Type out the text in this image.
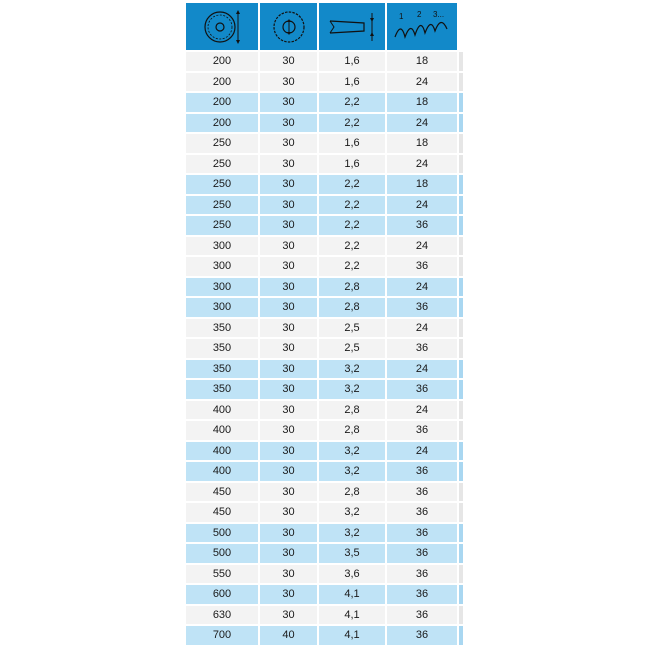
1 2 3...
200	30	1,6	18
200	30	1,6	24
200	30	2,2	18
200	30	2,2	24
250	30	1,6	18
250	30	1,6	24
250	30	2,2	18
250	30	2,2	24
250	30	2,2	36
300	30	2,2	24
300	30	2,2	36
300	30	2,8	24
300	30	2,8	36
350	30	2,5	24
350	30	2,5	36
350	30	3,2	24
350	30	3,2	36
400	30	2,8	24
400	30	2,8	36
400	30	3,2	24
400	30	3,2	36
450	30	2,8	36
450	30	3,2	36
500	30	3,2	36
500	30	3,5	36
550	30	3,6	36
600	30	4,1	36
630	30	4,1	36
700	40	4,1	36
